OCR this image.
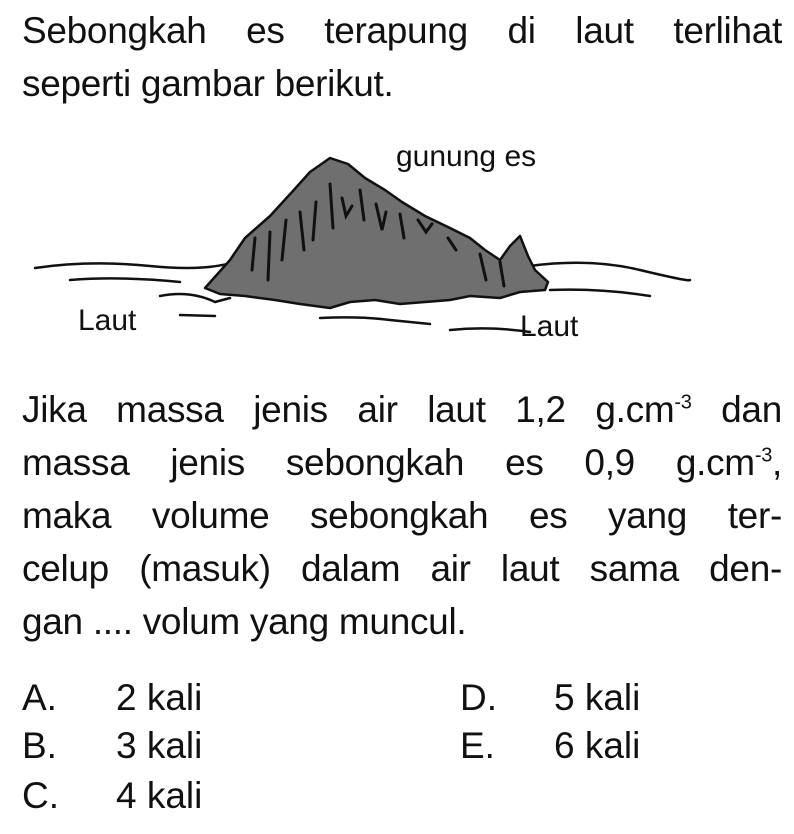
Sebongkah es terapung di laut terlihat
seperti gambar berikut.
gunung es
Laut	Laut
Jika massa jenis air laut 1,2 $g.cm^{-3}$ dan
massa jenis sebongkah es 0,9 $g.cm^{-3}$,
maka volume sebongkah es yang ter-
celup (masuk) dalam air laut sama den-
gan .... volum yang muncul.
A. 2 kali
B. 3 kali
C. 4 kali
D. 5 kali
E. 6 kali
